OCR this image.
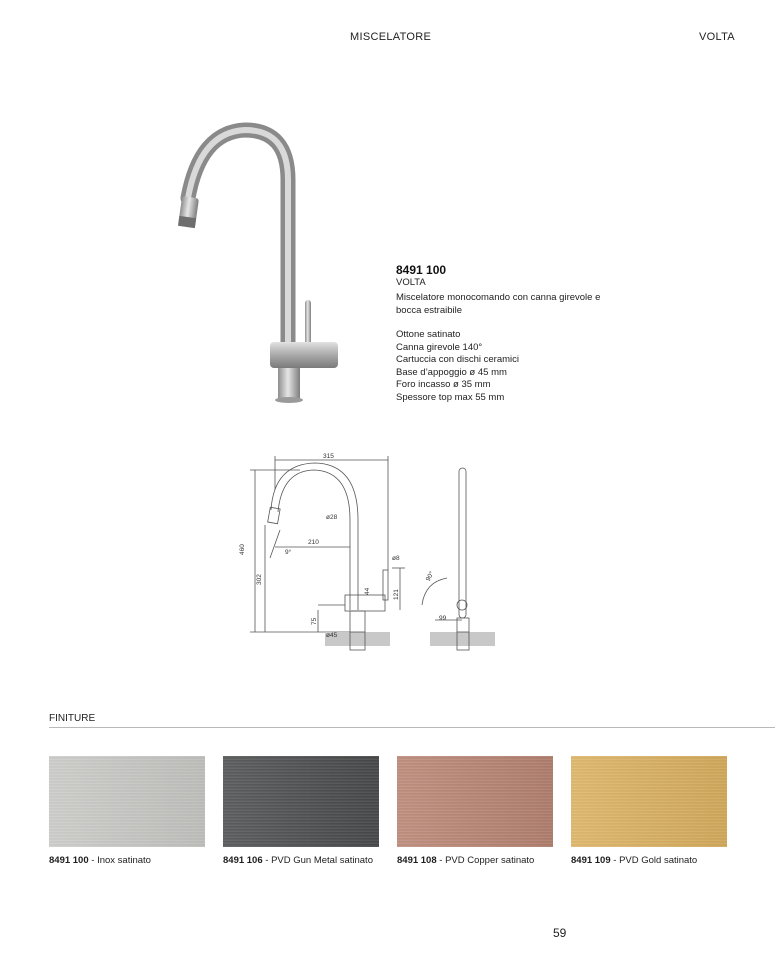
MISCELATORE	VOLTA
8491 100
VOLTA
Miscelatore monocomando con canna girevole e bocca estraibile
Ottone satinato
Canna girevole 140°
Cartuccia con dischi ceramici
Base d’appoggio ø 45 mm
Foro incasso ø 35 mm
Spessore top max 55 mm
315
460
302
210
ø28
ø8
9°
44	121
75
ø45
90°
99
FINITURE
8491 100 - Inox satinato	8491 106 - PVD Gun Metal satinato	8491 108 - PVD Copper satinato	8491 109 - PVD Gold satinato
59
